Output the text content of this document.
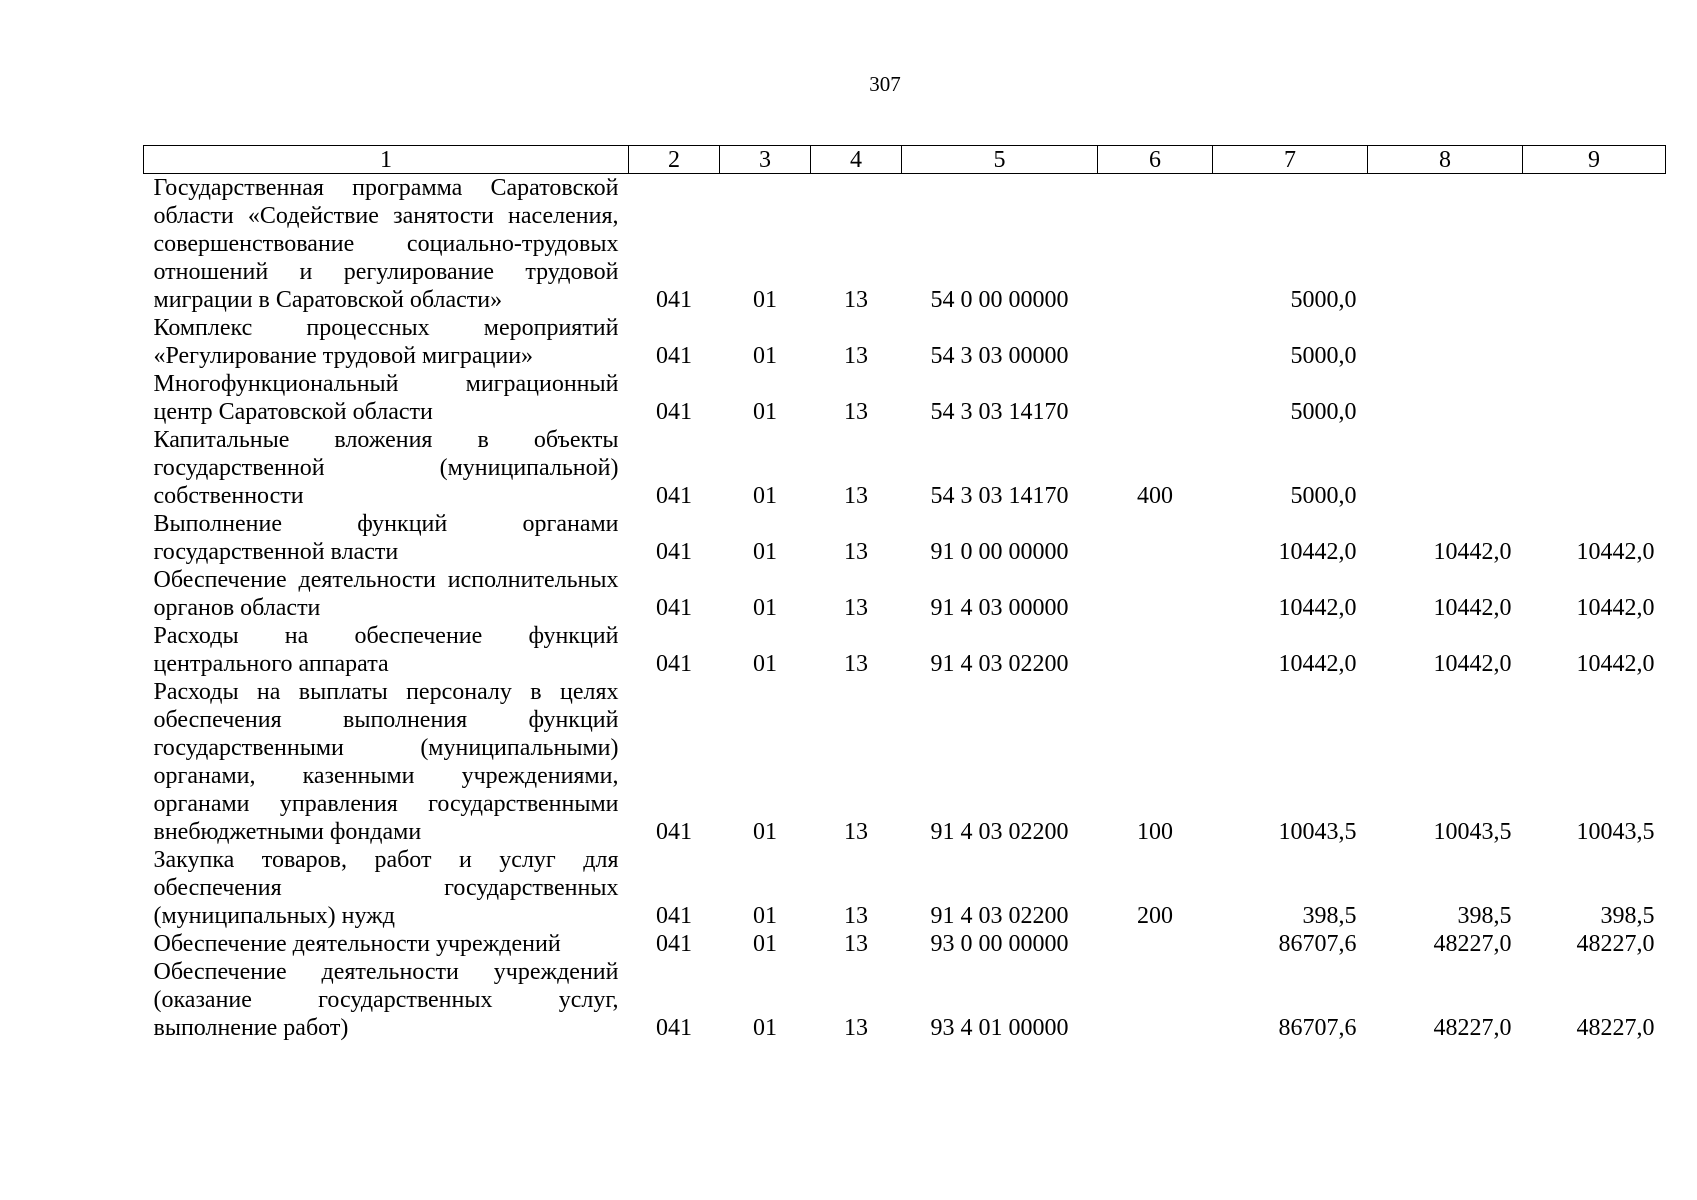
307
1	2	3	4	5	6	7	8	9
Государственная программа Саратовской области «Содействие занятости населения, совершенствование социально-трудовых отношений и регулирование трудовой миграции в Саратовской области»	041	01	13	54 0 00 00000		5000,0		
Комплекс процессных мероприятий «Регулирование трудовой миграции»	041	01	13	54 3 03 00000		5000,0		
Многофункциональный миграционный центр Саратовской области	041	01	13	54 3 03 14170		5000,0		
Капитальные вложения в объекты государственной (муниципальной) собственности	041	01	13	54 3 03 14170	400	5000,0		
Выполнение функций органами государственной власти	041	01	13	91 0 00 00000		10442,0	10442,0	10442,0
Обеспечение деятельности исполнительных органов области	041	01	13	91 4 03 00000		10442,0	10442,0	10442,0
Расходы на обеспечение функций центрального аппарата	041	01	13	91 4 03 02200		10442,0	10442,0	10442,0
Расходы на выплаты персоналу в целях обеспечения выполнения функций государственными (муниципальными) органами, казенными учреждениями, органами управления государственными внебюджетными фондами	041	01	13	91 4 03 02200	100	10043,5	10043,5	10043,5
Закупка товаров, работ и услуг для обеспечения государственных (муниципальных) нужд	041	01	13	91 4 03 02200	200	398,5	398,5	398,5
Обеспечение деятельности учреждений	041	01	13	93 0 00 00000		86707,6	48227,0	48227,0
Обеспечение деятельности учреждений (оказание государственных услуг, выполнение работ)	041	01	13	93 4 01 00000		86707,6	48227,0	48227,0
